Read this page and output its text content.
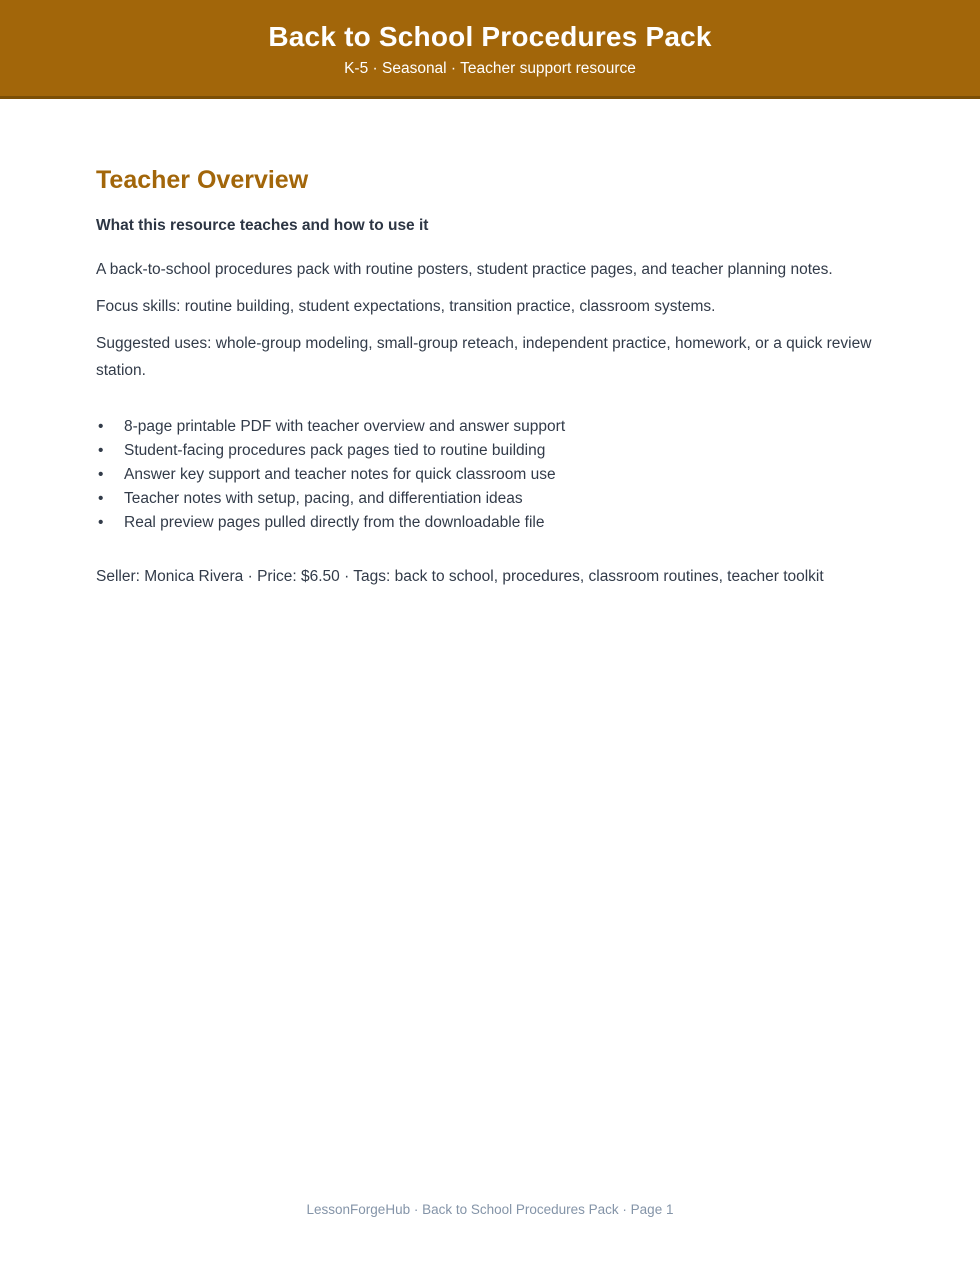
Back to School Procedures Pack
K-5 · Seasonal · Teacher support resource
Teacher Overview
What this resource teaches and how to use it

A back-to-school procedures pack with routine posters, student practice pages, and teacher planning notes.

Focus skills: routine building, student expectations, transition practice, classroom systems.

Suggested uses: whole-group modeling, small-group reteach, independent practice, homework, or a quick review station.

•	8-page printable PDF with teacher overview and answer support
•	Student-facing procedures pack pages tied to routine building
•	Answer key support and teacher notes for quick classroom use
•	Teacher notes with setup, pacing, and differentiation ideas
•	Real preview pages pulled directly from the downloadable file

Seller: Monica Rivera · Price: $6.50 · Tags: back to school, procedures, classroom routines, teacher toolkit

LessonForgeHub · Back to School Procedures Pack · Page 1
